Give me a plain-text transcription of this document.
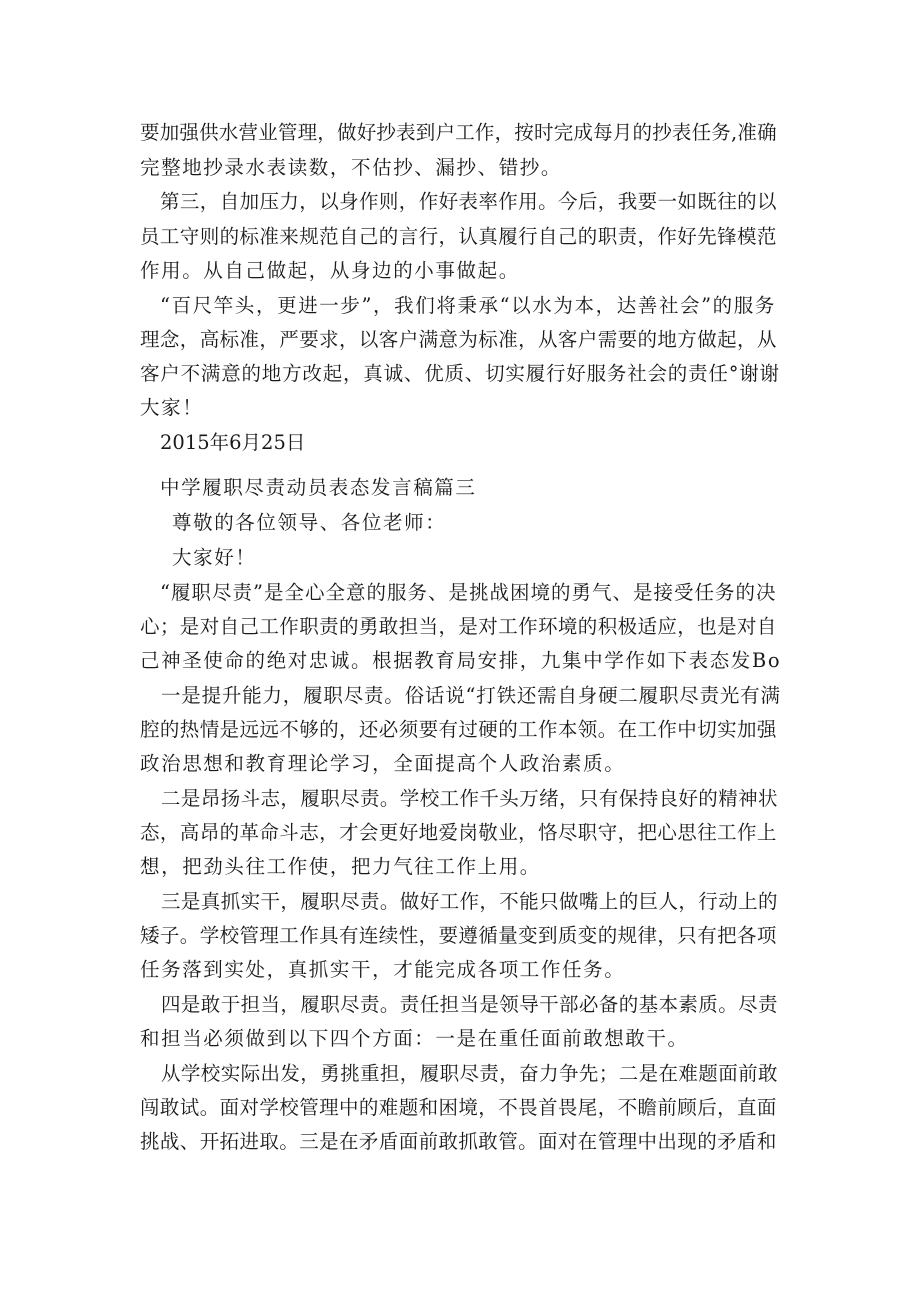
要加强供水营业管理，做好抄表到户工作，按时完成每月的抄表任务,准确
完整地抄录水表读数，不估抄、漏抄、错抄。
第三，自加压力，以身作则，作好表率作用。今后，我要一如既往的以
员工守则的标准来规范自己的言行，认真履行自己的职责，作好先锋模范
作用。从自己做起，从身边的小事做起。
“百尺竿头，更进一步”，我们将秉承“以水为本，达善社会”的服务
理念，高标准，严要求，以客户满意为标准，从客户需要的地方做起，从
客户不满意的地方改起，真诚、优质、切实履行好服务社会的责任°谢谢
大家！
2015年6月25日
中学履职尽责动员表态发言稿篇三
尊敬的各位领导、各位老师：
大家好！
“履职尽责”是全心全意的服务、是挑战困境的勇气、是接受任务的决
心；是对自己工作职责的勇敢担当，是对工作环境的积极适应，也是对自
己神圣使命的绝对忠诚。根据教育局安排，九集中学作如下表态发Bo
一是提升能力，履职尽责。俗话说“打铁还需自身硬二履职尽责光有满
腔的热情是远远不够的，还必须要有过硬的工作本领。在工作中切实加强
政治思想和教育理论学习，全面提高个人政治素质。
二是昂扬斗志，履职尽责。学校工作千头万绪，只有保持良好的精神状
态，高昂的革命斗志，才会更好地爱岗敬业，恪尽职守，把心思往工作上
想，把劲头往工作使，把力气往工作上用。
三是真抓实干，履职尽责。做好工作，不能只做嘴上的巨人，行动上的
矮子。学校管理工作具有连续性，要遵循量变到质变的规律，只有把各项
任务落到实处，真抓实干，才能完成各项工作任务。
四是敢于担当，履职尽责。责任担当是领导干部必备的基本素质。尽责
和担当必须做到以下四个方面：一是在重任面前敢想敢干。
从学校实际出发，勇挑重担，履职尽责，奋力争先；二是在难题面前敢
闯敢试。面对学校管理中的难题和困境，不畏首畏尾，不瞻前顾后，直面
挑战、开拓进取。三是在矛盾面前敢抓敢管。面对在管理中出现的矛盾和
